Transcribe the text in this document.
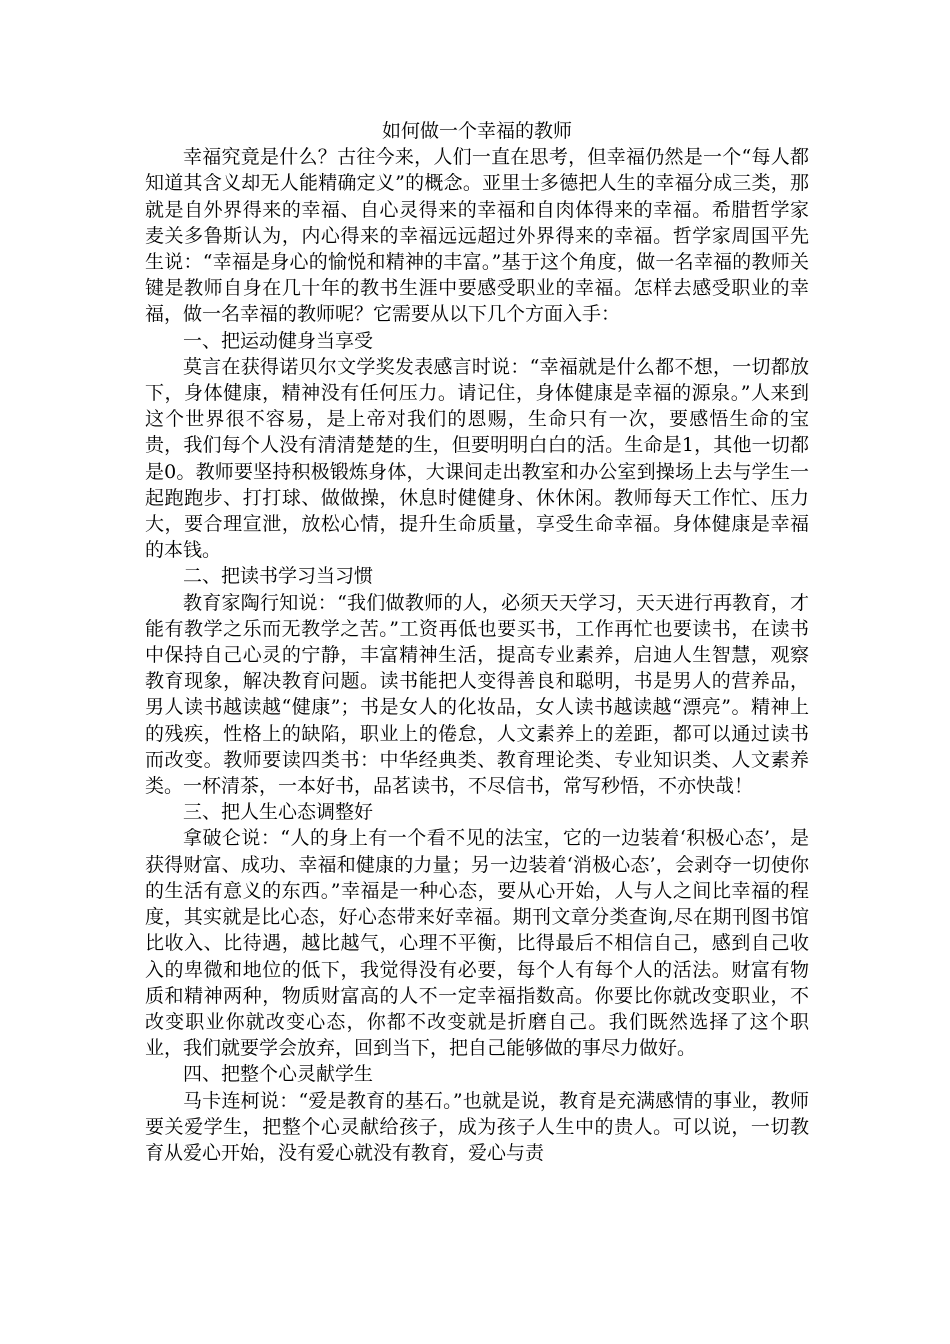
如何做一个幸福的教师

幸福究竟是什么？古往今来，人们一直在思考，但幸福仍然是一个“每人都知道其含义却无人能精确定义”的概念。亚里士多德把人生的幸福分成三类，那就是自外界得来的幸福、自心灵得来的幸福和自肉体得来的幸福。希腊哲学家麦关多鲁斯认为，内心得来的幸福远远超过外界得来的幸福。哲学家周国平先生说：“幸福是身心的愉悦和精神的丰富。”基于这个角度，做一名幸福的教师关键是教师自身在几十年的教书生涯中要感受职业的幸福。怎样去感受职业的幸福，做一名幸福的教师呢？它需要从以下几个方面入手：

一、把运动健身当享受

莫言在获得诺贝尔文学奖发表感言时说：“幸福就是什么都不想，一切都放下，身体健康，精神没有任何压力。请记住，身体健康是幸福的源泉。”人来到这个世界很不容易，是上帝对我们的恩赐，生命只有一次，要感悟生命的宝贵，我们每个人没有清清楚楚的生，但要明明白白的活。生命是1，其他一切都是0。教师要坚持积极锻炼身体，大课间走出教室和办公室到操场上去与学生一起跑跑步、打打球、做做操，休息时健健身、休休闲。教师每天工作忙、压力大，要合理宣泄，放松心情，提升生命质量，享受生命幸福。身体健康是幸福的本钱。

二、把读书学习当习惯

教育家陶行知说：“我们做教师的人，必须天天学习，天天进行再教育，才能有教学之乐而无教学之苦。”工资再低也要买书，工作再忙也要读书，在读书中保持自己心灵的宁静，丰富精神生活，提高专业素养，启迪人生智慧，观察教育现象，解决教育问题。读书能把人变得善良和聪明，书是男人的营养品，男人读书越读越“健康”；书是女人的化妆品，女人读书越读越“漂亮”。精神上的残疾，性格上的缺陷，职业上的倦怠，人文素养上的差距，都可以通过读书而改变。教师要读四类书：中华经典类、教育理论类、专业知识类、人文素养类。一杯清茶，一本好书，品茗读书，不尽信书，常写秒悟，不亦快哉！

三、把人生心态调整好

拿破仑说：“人的身上有一个看不见的法宝，它的一边装着‘积极心态’，是获得财富、成功、幸福和健康的力量；另一边装着‘消极心态’，会剥夺一切使你的生活有意义的东西。”幸福是一种心态，要从心开始，人与人之间比幸福的程度，其实就是比心态，好心态带来好幸福。期刊文章分类查询,尽在期刊图书馆比收入、比待遇，越比越气，心理不平衡，比得最后不相信自己，感到自己收入的卑微和地位的低下，我觉得没有必要，每个人有每个人的活法。财富有物质和精神两种，物质财富高的人不一定幸福指数高。你要比你就改变职业，不改变职业你就改变心态，你都不改变就是折磨自己。我们既然选择了这个职业，我们就要学会放弃，回到当下，把自己能够做的事尽力做好。

四、把整个心灵献学生

马卡连柯说：“爱是教育的基石。”也就是说，教育是充满感情的事业，教师要关爱学生，把整个心灵献给孩子，成为孩子人生中的贵人。可以说，一切教育从爱心开始，没有爱心就没有教育，爱心与责
